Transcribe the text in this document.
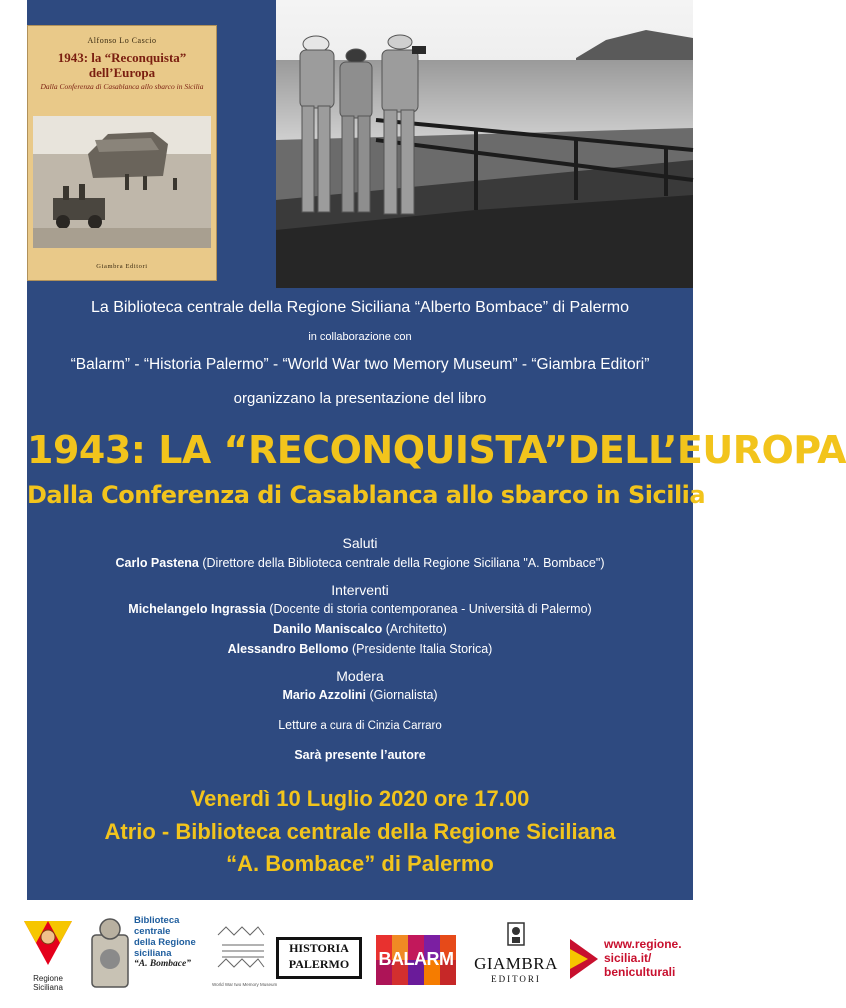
Alfonso Lo Cascio
1943: la “Reconquista”
dell’Europa
Dalla Conferenza di Casablanca allo sbarco in Sicilia
Giambra Editori
La Biblioteca centrale della Regione Siciliana “Alberto Bombace” di Palermo
in collaborazione con
“Balarm” - “Historia Palermo” - “World War two Memory Museum” - “Giambra Editori”
organizzano la presentazione del libro
1943: LA “RECONQUISTA”DELL’EUROPA
Dalla Conferenza di Casablanca allo sbarco in Sicilia
Saluti
Carlo Pastena (Direttore della Biblioteca centrale della Regione Siciliana "A. Bombace")
Interventi
Michelangelo Ingrassia (Docente di storia contemporanea - Università di Palermo)
Danilo Maniscalco (Architetto)
Alessandro Bellomo (Presidente Italia Storica)
Modera
Mario Azzolini (Giornalista)
Letture a cura di Cinzia Carraro
Sarà presente l’autore
Venerdì 10 Luglio 2020 ore 17.00
Atrio - Biblioteca centrale della Regione Siciliana
“A. Bombace” di Palermo
Regione
Siciliana
Biblioteca
centrale
della Regione
siciliana
“A. Bombace”
World War two Memory Museum
HISTORIA
PALERMO	BALARM GIAMBRA
EDITORI
www.regione.
sicilia.it/
beniculturali
